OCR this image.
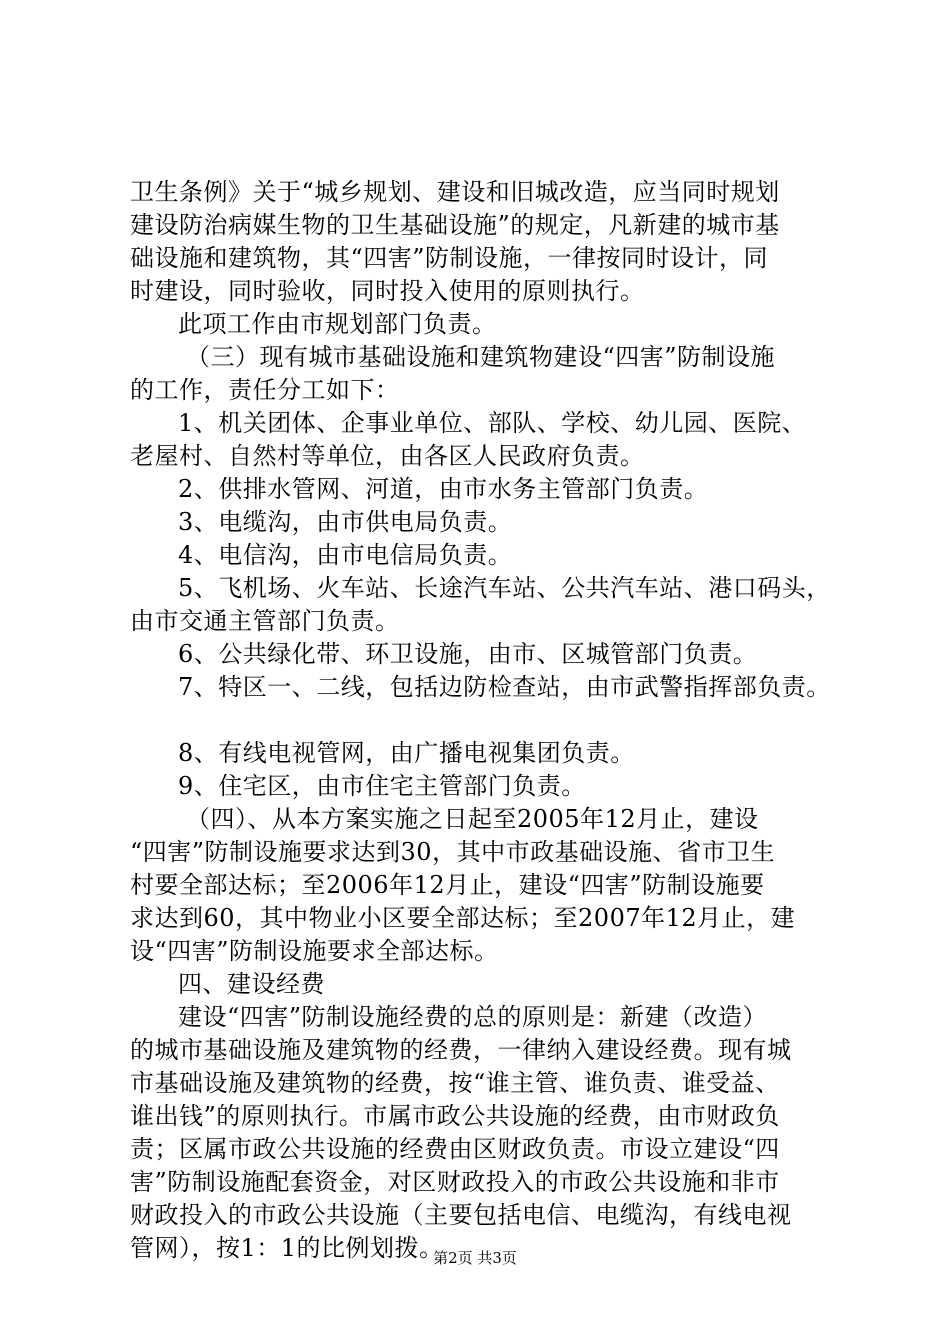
卫生条例》关于“城乡规划、建设和旧城改造，应当同时规划
建设防治病媒生物的卫生基础设施”的规定，凡新建的城市基
础设施和建筑物，其“四害”防制设施，一律按同时设计，同
时建设，同时验收，同时投入使用的原则执行。
此项工作由市规划部门负责。
（三）现有城市基础设施和建筑物建设“四害”防制设施
的工作，责任分工如下：
1、机关团体、企事业单位、部队、学校、幼儿园、医院、
老屋村、自然村等单位，由各区人民政府负责。
2、供排水管网、河道，由市水务主管部门负责。
3、电缆沟，由市供电局负责。
4、电信沟，由市电信局负责。
5、飞机场、火车站、长途汽车站、公共汽车站、港口码头，
由市交通主管部门负责。
6、公共绿化带、环卫设施，由市、区城管部门负责。
7、特区一、二线，包括边防检查站，由市武警指挥部负责。
8、有线电视管网，由广播电视集团负责。
9、住宅区，由市住宅主管部门负责。
（四）、从本方案实施之日起至2005年12月止，建设
“四害”防制设施要求达到30，其中市政基础设施、省市卫生
村要全部达标；至2006年12月止，建设“四害”防制设施要
求达到60，其中物业小区要全部达标；至2007年12月止，建
设“四害”防制设施要求全部达标。
四、建设经费
建设“四害”防制设施经费的总的原则是：新建（改造）
的城市基础设施及建筑物的经费，一律纳入建设经费。现有城
市基础设施及建筑物的经费，按“谁主管、谁负责、谁受益、
谁出钱”的原则执行。市属市政公共设施的经费，由市财政负
责；区属市政公共设施的经费由区财政负责。市设立建设“四
害”防制设施配套资金，对区财政投入的市政公共设施和非市
财政投入的市政公共设施（主要包括电信、电缆沟，有线电视
管网），按1：1的比例划拨。
第2页 共3页
